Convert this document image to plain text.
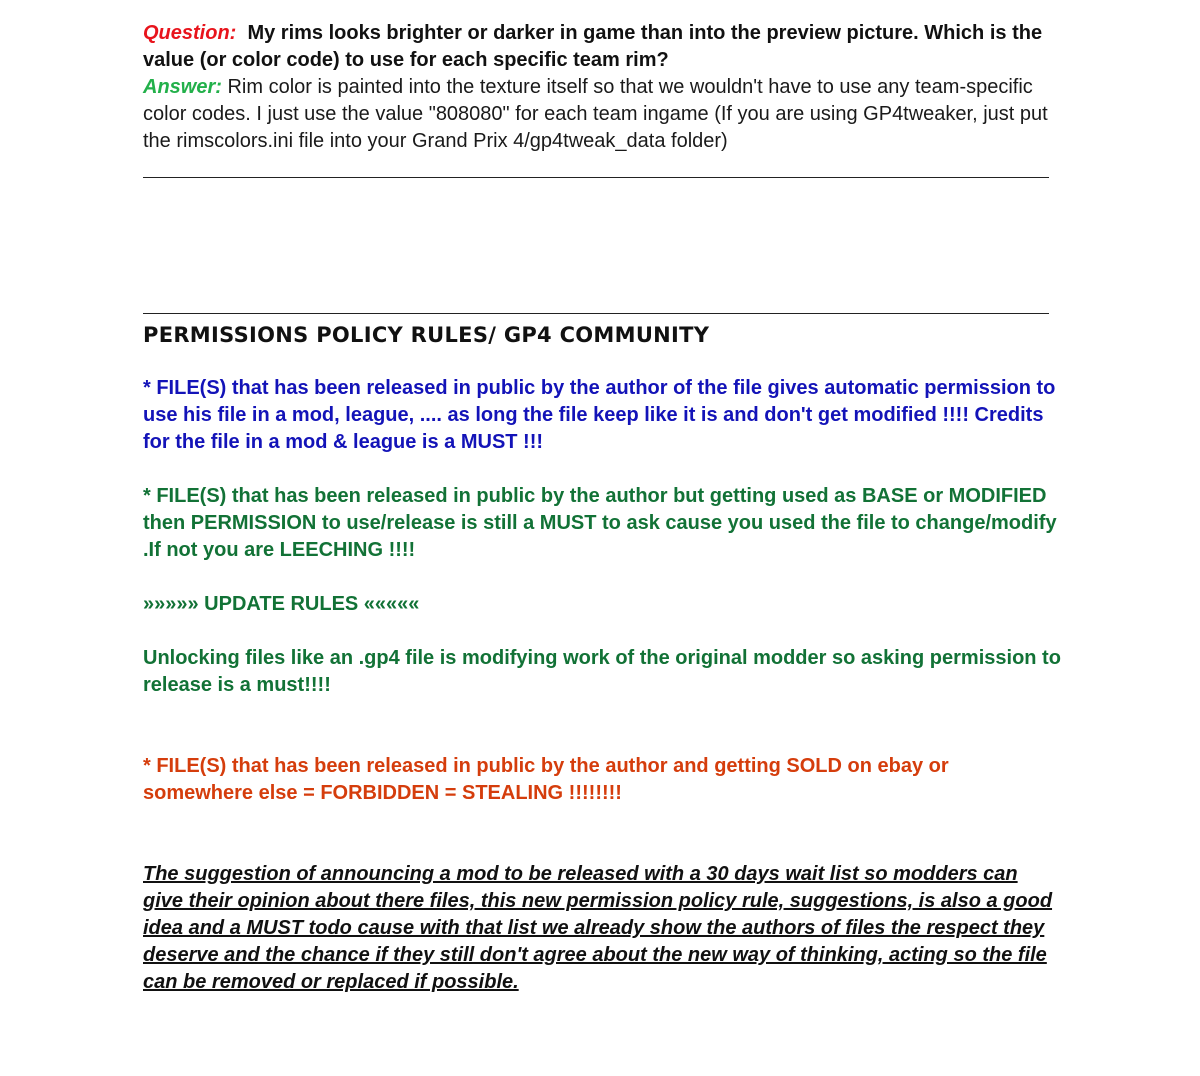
Question: My rims looks brighter or darker in game than into the preview picture. Which is the value (or color code) to use for each specific team rim?

Answer: Rim color is painted into the texture itself so that we wouldn't have to use any team-specific color codes. I just use the value "808080" for each team ingame (If you are using GP4tweaker, just put the rimscolors.ini file into your Grand Prix 4/gp4tweak_data folder)

PERMISSIONS POLICY RULES/ GP4 COMMUNITY

* FILE(S) that has been released in public by the author of the file gives automatic permission to use his file in a mod, league, .... as long the file keep like it is and don't get modified !!!! Credits for the file in a mod & league is a MUST !!!

* FILE(S) that has been released in public by the author but getting used as BASE or MODIFIED then PERMISSION to use/release is still a MUST to ask cause you used the file to change/modify .If not you are LEECHING !!!!

»»»»» UPDATE RULES «««««

Unlocking files like an .gp4 file is modifying work of the original modder so asking permission to release is a must!!!!

* FILE(S) that has been released in public by the author and getting SOLD on ebay or somewhere else = FORBIDDEN = STEALING !!!!!!!!

The suggestion of announcing a mod to be released with a 30 days wait list so modders can give their opinion about there files, this new permission policy rule, suggestions, is also a good idea and a MUST todo cause with that list we already show the authors of files the respect they deserve and the chance if they still don't agree about the new way of thinking, acting so the file can be removed or replaced if possible.
